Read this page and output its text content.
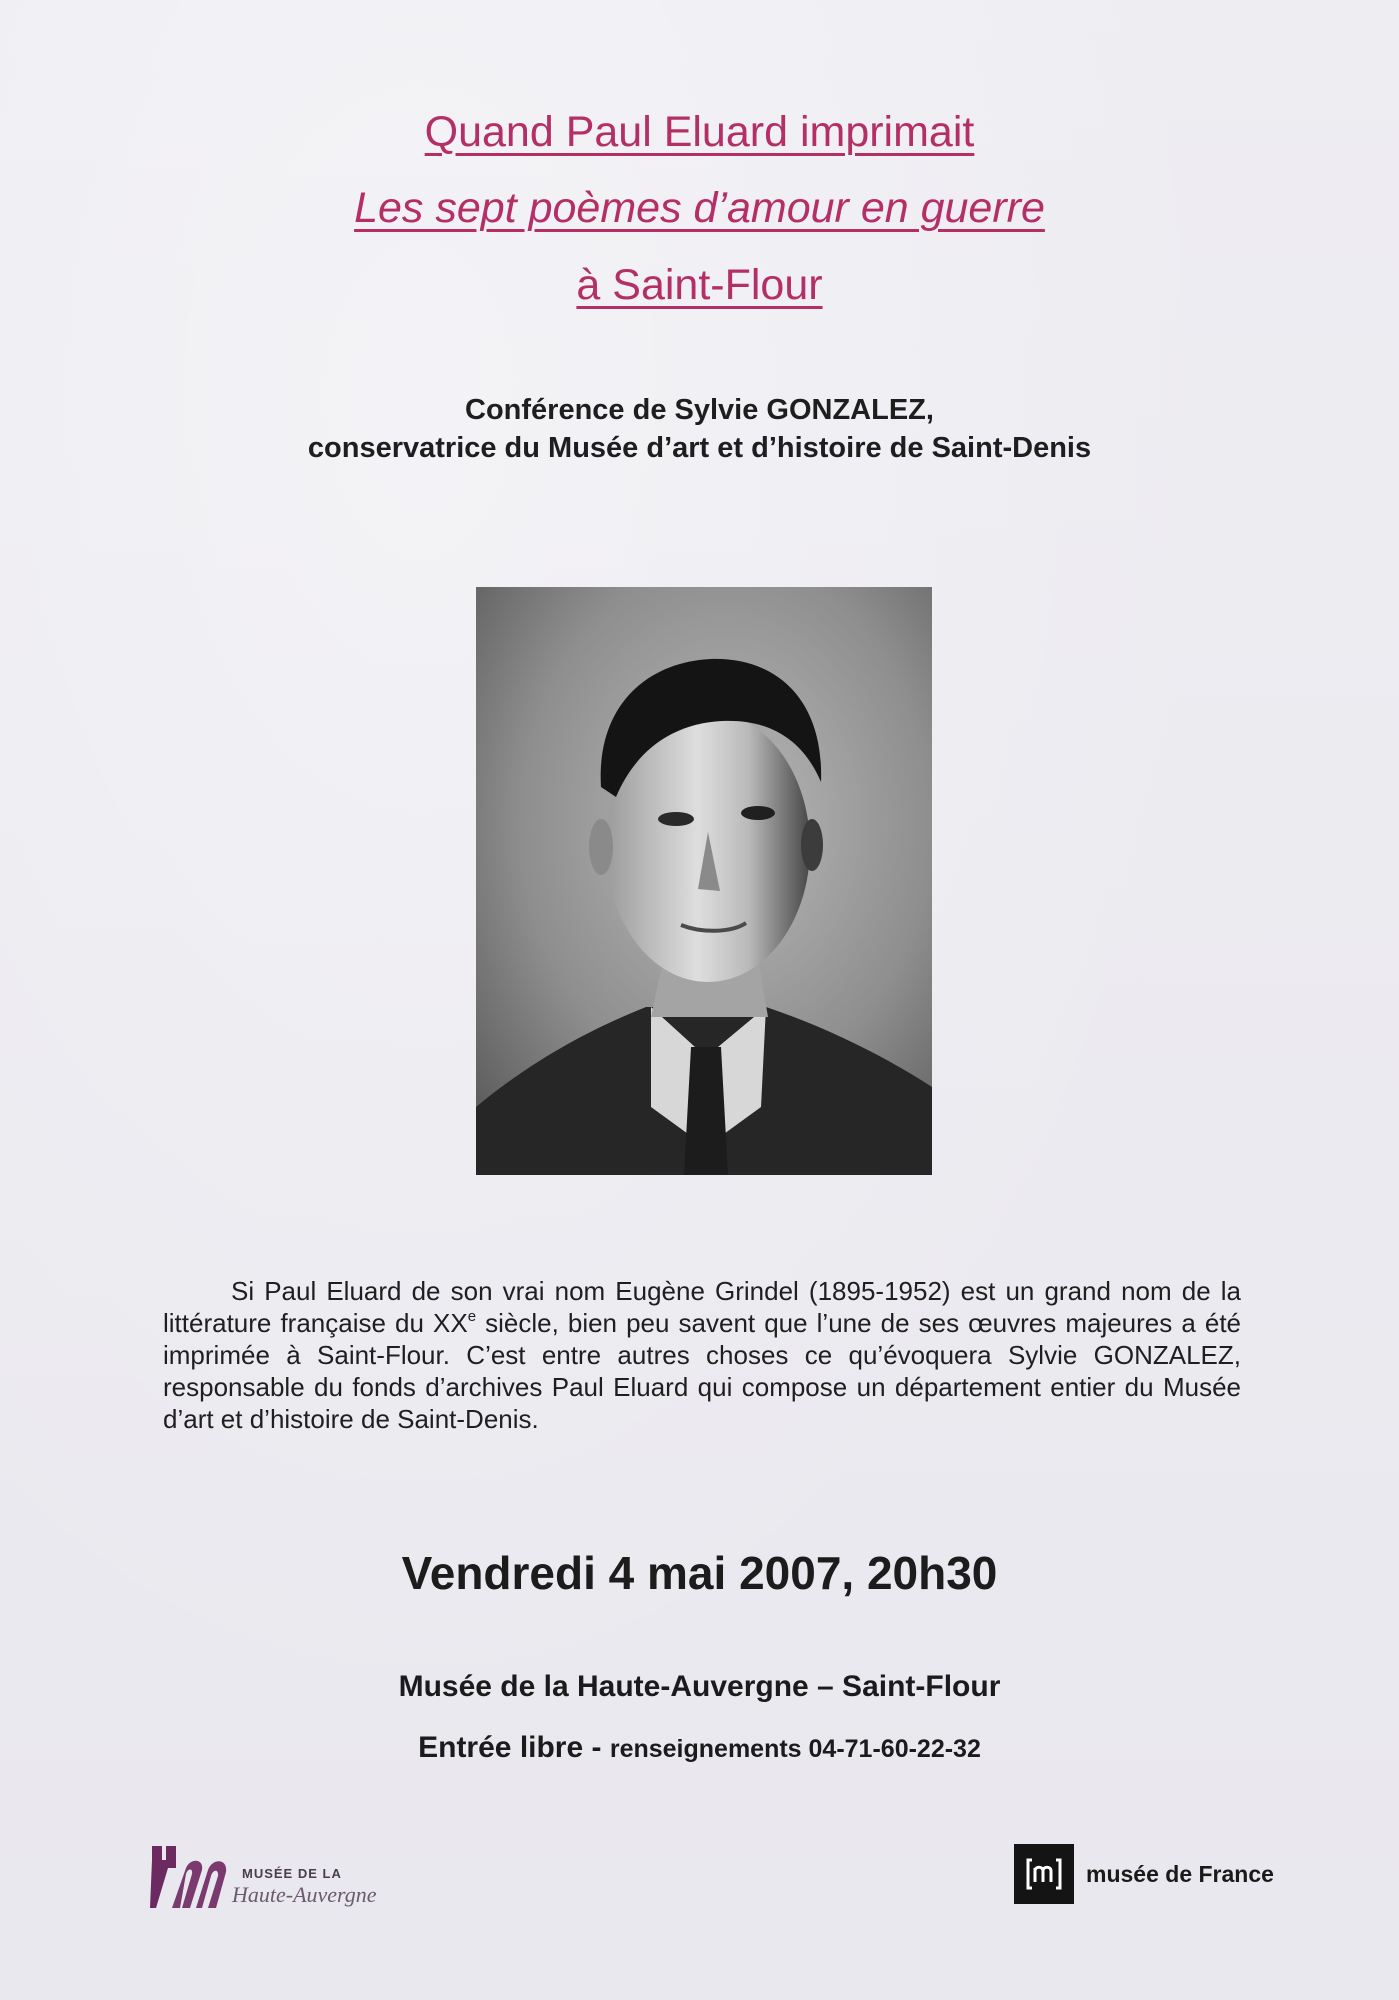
Quand Paul Eluard imprimait
Les sept poèmes d’amour en guerre
à Saint-Flour
Conférence de Sylvie GONZALEZ,
conservatrice du Musée d’art et d’histoire de Saint-Denis
Si Paul Eluard de son vrai nom Eugène Grindel (1895-1952) est un grand nom de la littérature française du XXe siècle, bien peu savent que l’une de ses œuvres majeures a été imprimée à Saint-Flour. C’est entre autres choses ce qu’évoquera Sylvie GONZALEZ, responsable du fonds d’archives Paul Eluard qui compose un département entier du Musée d’art et d’histoire de Saint-Denis.
Vendredi 4 mai 2007, 20h30
Musée de la Haute-Auvergne – Saint-Flour
Entrée libre - renseignements 04-71-60-22-32
MUSÉE DE LA
Haute-Auvergne
musée de France
